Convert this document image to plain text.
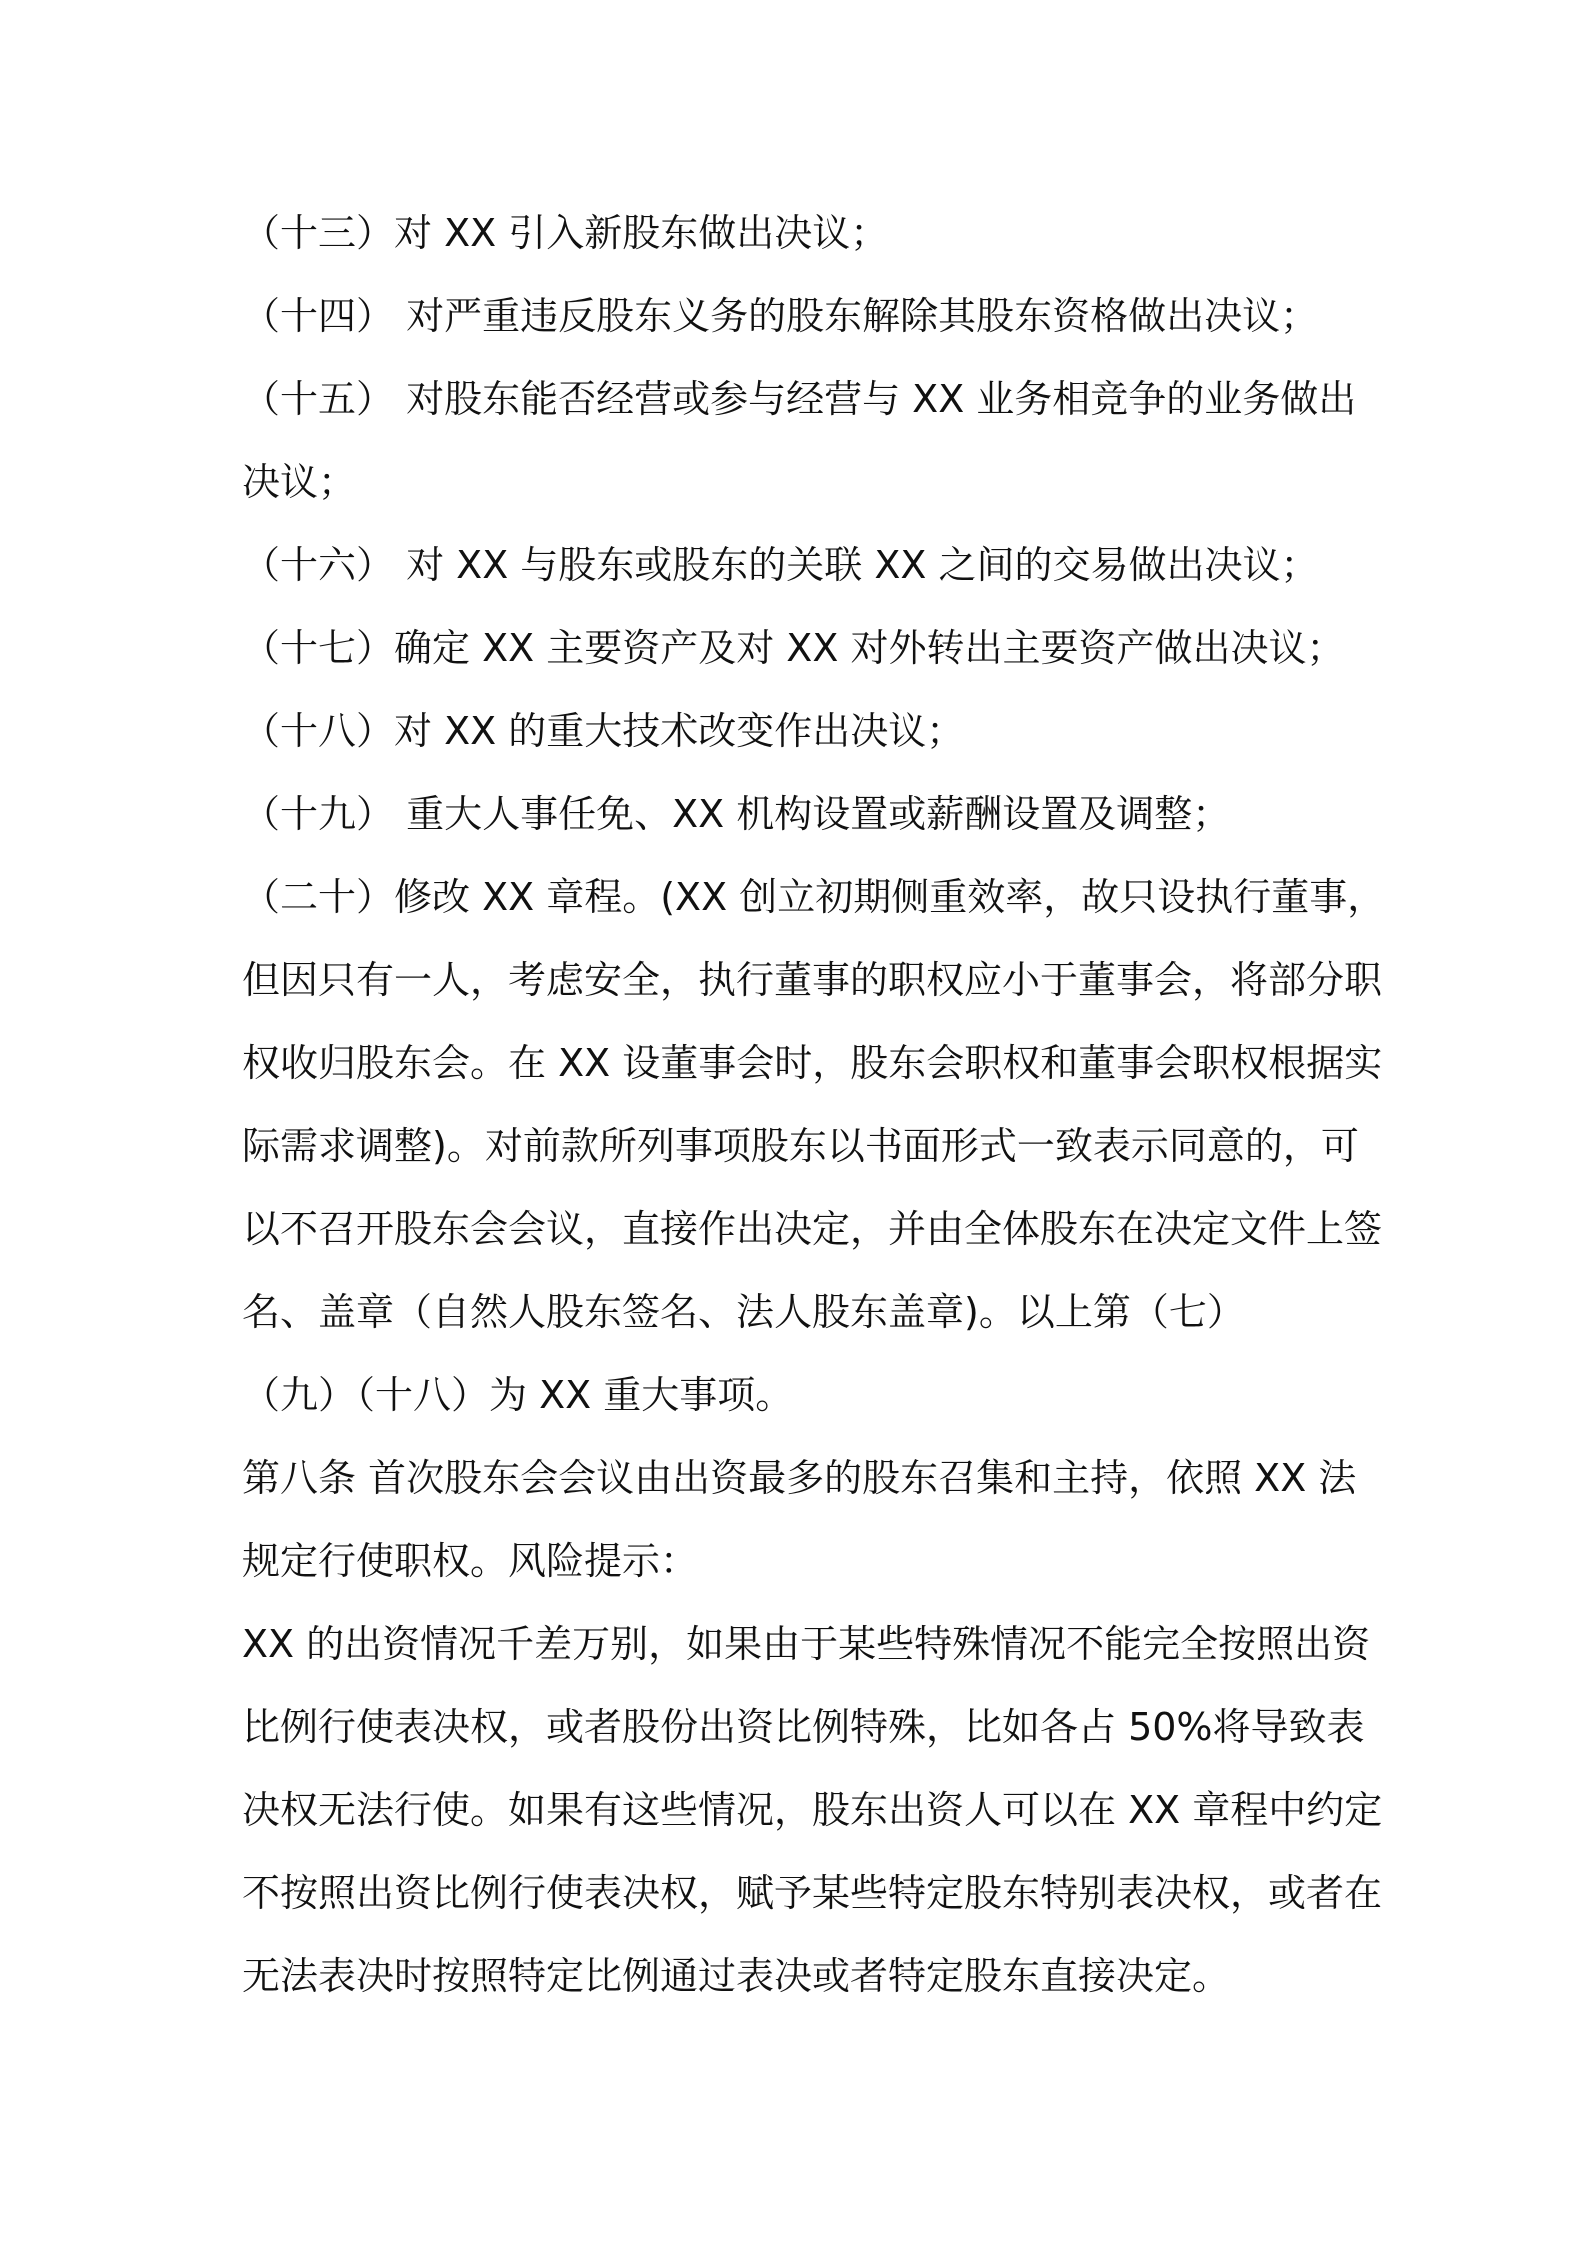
（十三）对 XX 引入新股东做出决议；
（十四） 对严重违反股东义务的股东解除其股东资格做出决议；
（十五） 对股东能否经营或参与经营与 XX 业务相竞争的业务做出
决议；
（十六） 对 XX 与股东或股东的关联 XX 之间的交易做出决议；
（十七）确定 XX 主要资产及对 XX 对外转出主要资产做出决议；
（十八）对 XX 的重大技术改变作出决议；
（十九） 重大人事任免、XX 机构设置或薪酬设置及调整；
（二十）修改 XX 章程。(XX 创立初期侧重效率，故只设执行董事，
但因只有一人，考虑安全，执行董事的职权应小于董事会，将部分职
权收归股东会。在 XX 设董事会时，股东会职权和董事会职权根据实
际需求调整)。对前款所列事项股东以书面形式一致表示同意的，可
以不召开股东会会议，直接作出决定，并由全体股东在决定文件上签
名、盖章（自然人股东签名、法人股东盖章)。以上第（七）
（九）（十八）为 XX 重大事项。
第八条 首次股东会会议由出资最多的股东召集和主持，依照 XX 法
规定行使职权。风险提示：
XX 的出资情况千差万别，如果由于某些特殊情况不能完全按照出资
比例行使表决权，或者股份出资比例特殊，比如各占 50%将导致表
决权无法行使。如果有这些情况，股东出资人可以在 XX 章程中约定
不按照出资比例行使表决权，赋予某些特定股东特别表决权，或者在
无法表决时按照特定比例通过表决或者特定股东直接决定。
